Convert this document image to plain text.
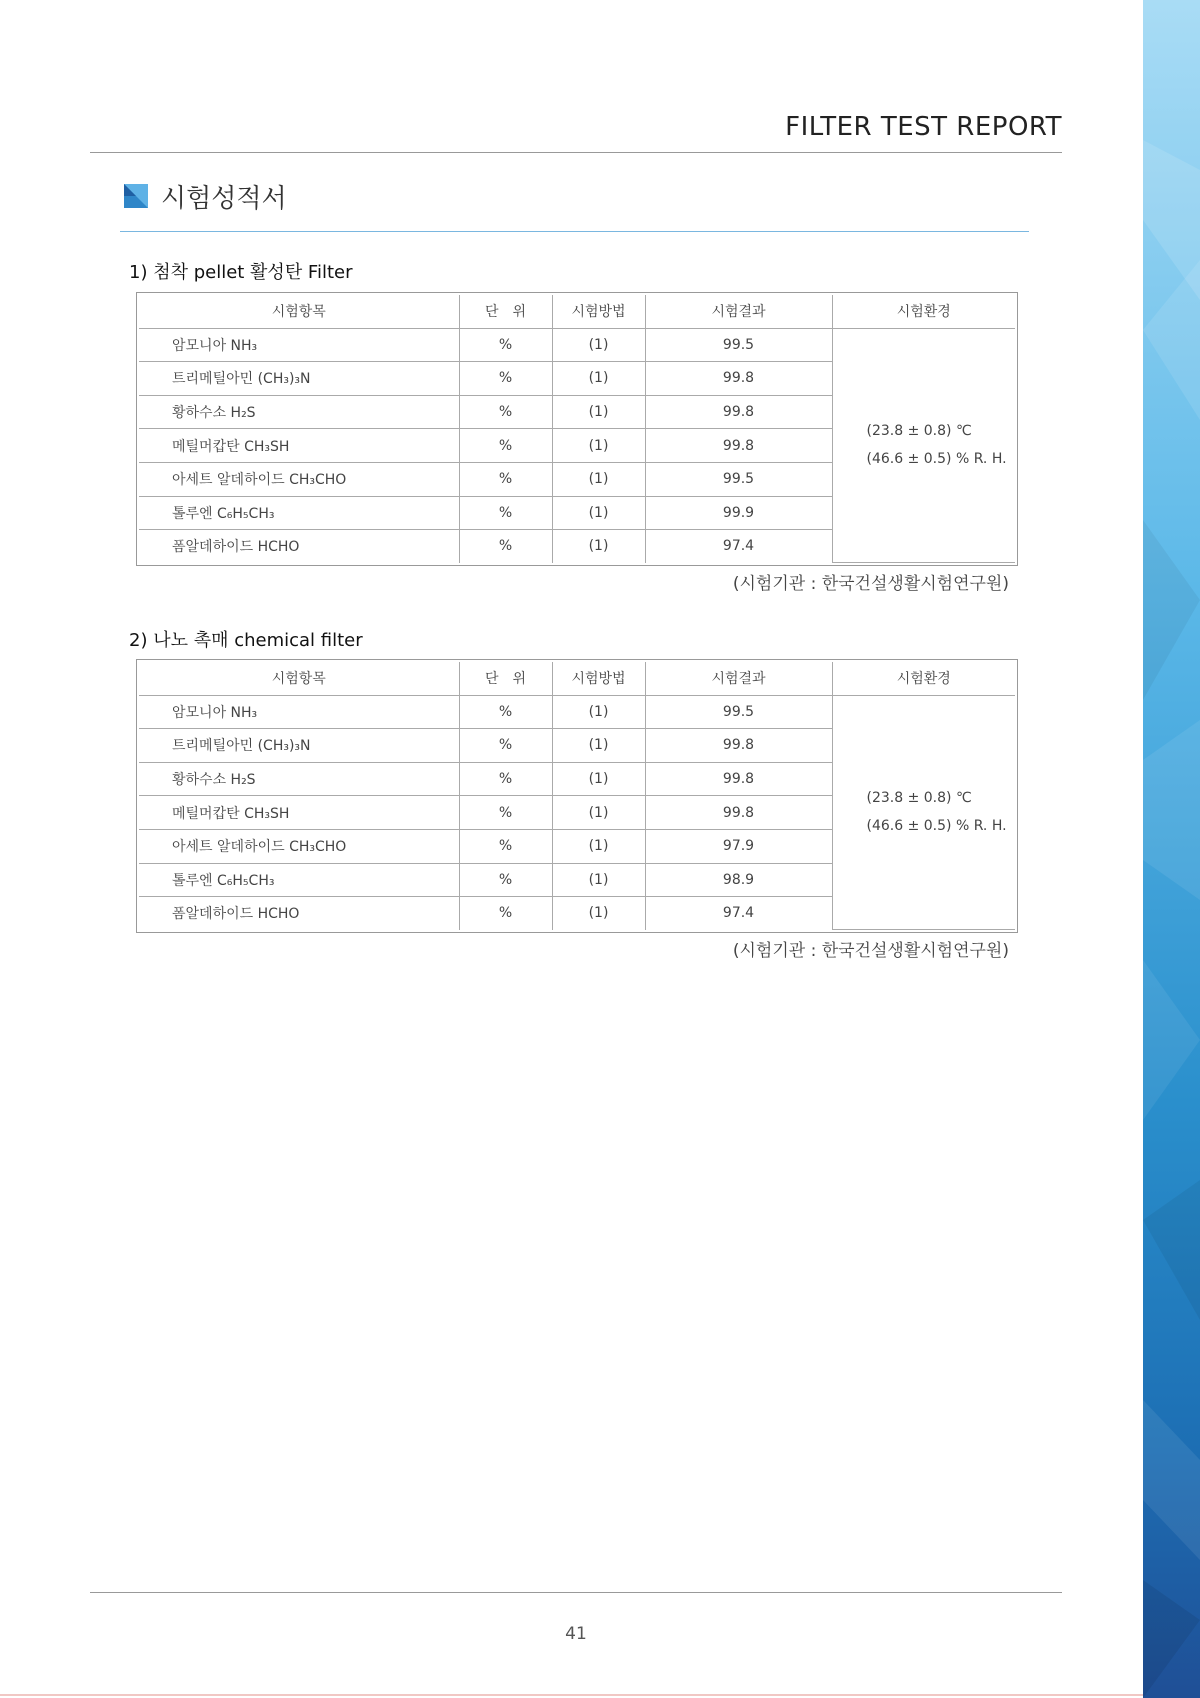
FILTER TEST REPORT
시험성적서
1) 첨착 pellet 활성탄 Filter
시험항목	단　위	시험방법	시험결과	시험환경
암모니아 NH₃	%	(1)	99.5	(23.8 ± 0.8) ℃
(46.6 ± 0.5) % R. H.

트리메틸아민 (CH₃)₃N	%	(1)	99.8	
황하수소 H₂S	%	(1)	99.8	
메틸머캅탄 CH₃SH	%	(1)	99.8	
아세트 알데하이드 CH₃CHO	%	(1)	99.5	
톨루엔 C₆H₅CH₃	%	(1)	99.9	
폼알데하이드 HCHO	%	(1)	97.4	
(시험기관 : 한국건설생활시험연구원)
2) 나노 촉매 chemical filter
시험항목	단　위	시험방법	시험결과	시험환경
암모니아 NH₃	%	(1)	99.5	(23.8 ± 0.8) ℃
(46.6 ± 0.5) % R. H.

트리메틸아민 (CH₃)₃N	%	(1)	99.8	
황하수소 H₂S	%	(1)	99.8	
메틸머캅탄 CH₃SH	%	(1)	99.8	
아세트 알데하이드 CH₃CHO	%	(1)	97.9	
톨루엔 C₆H₅CH₃	%	(1)	98.9	
폼알데하이드 HCHO	%	(1)	97.4	
(시험기관 : 한국건설생활시험연구원)
41
